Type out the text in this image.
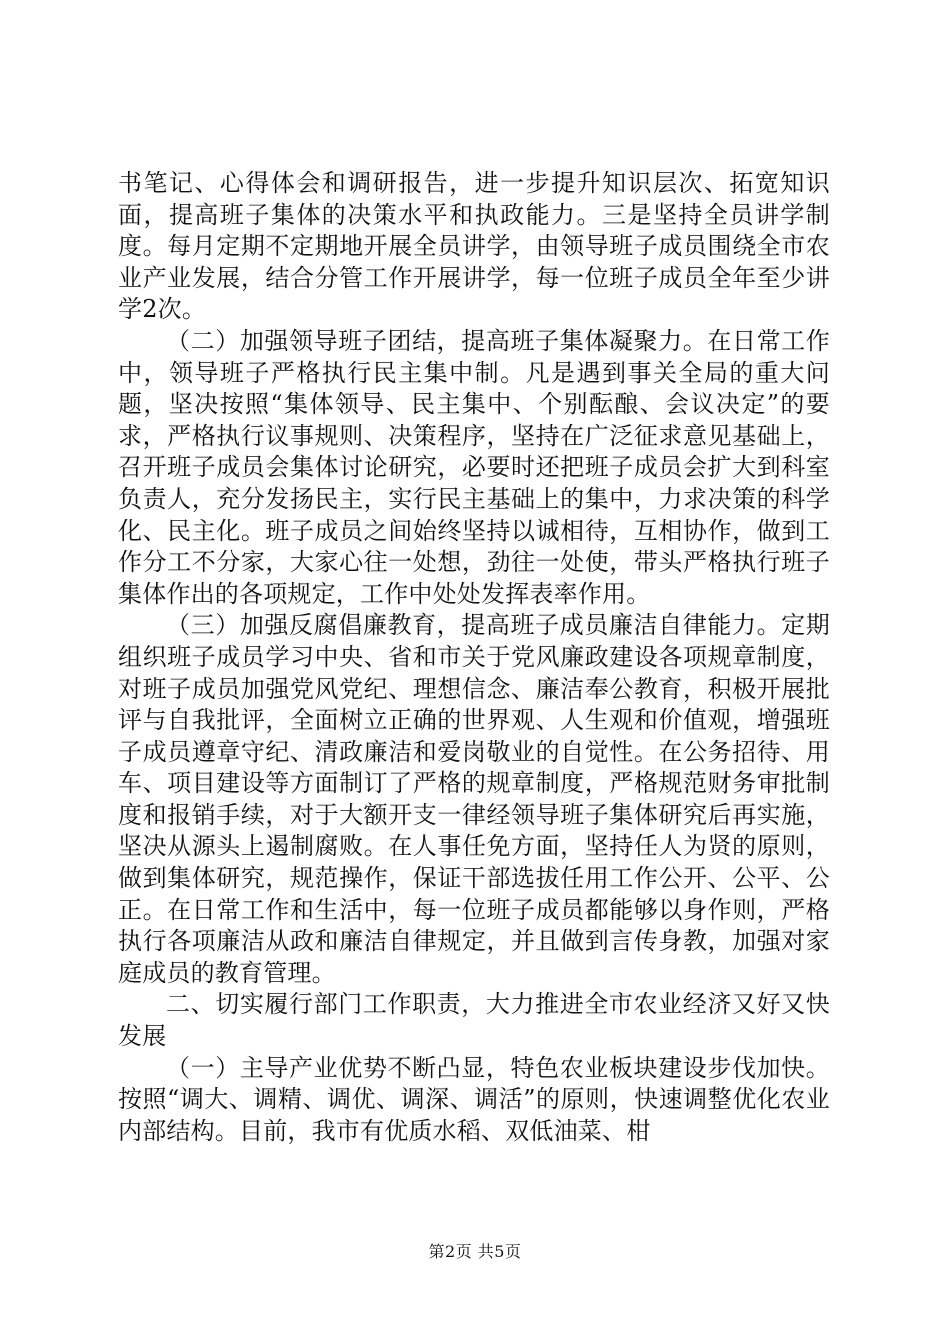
书笔记、心得体会和调研报告，进一步提升知识层次、拓宽知识面，提高班子集体的决策水平和执政能力。三是坚持全员讲学制度。每月定期不定期地开展全员讲学，由领导班子成员围绕全市农业产业发展，结合分管工作开展讲学，每一位班子成员全年至少讲学2次。

（二）加强领导班子团结，提高班子集体凝聚力。在日常工作中，领导班子严格执行民主集中制。凡是遇到事关全局的重大问题，坚决按照“集体领导、民主集中、个别酝酿、会议决定”的要求，严格执行议事规则、决策程序，坚持在广泛征求意见基础上，召开班子成员会集体讨论研究，必要时还把班子成员会扩大到科室负责人，充分发扬民主，实行民主基础上的集中，力求决策的科学化、民主化。班子成员之间始终坚持以诚相待，互相协作，做到工作分工不分家，大家心往一处想，劲往一处使，带头严格执行班子集体作出的各项规定，工作中处处发挥表率作用。

（三）加强反腐倡廉教育，提高班子成员廉洁自律能力。定期组织班子成员学习中央、省和市关于党风廉政建设各项规章制度，对班子成员加强党风党纪、理想信念、廉洁奉公教育，积极开展批评与自我批评，全面树立正确的世界观、人生观和价值观，增强班子成员遵章守纪、清政廉洁和爱岗敬业的自觉性。在公务招待、用车、项目建设等方面制订了严格的规章制度，严格规范财务审批制度和报销手续，对于大额开支一律经领导班子集体研究后再实施，坚决从源头上遏制腐败。在人事任免方面，坚持任人为贤的原则，做到集体研究，规范操作，保证干部选拔任用工作公开、公平、公正。在日常工作和生活中，每一位班子成员都能够以身作则，严格执行各项廉洁从政和廉洁自律规定，并且做到言传身教，加强对家庭成员的教育管理。

二、切实履行部门工作职责，大力推进全市农业经济又好又快发展

（一）主导产业优势不断凸显，特色农业板块建设步伐加快。按照“调大、调精、调优、调深、调活”的原则，快速调整优化农业内部结构。目前，我市有优质水稻、双低油菜、柑

第2页 共5页
